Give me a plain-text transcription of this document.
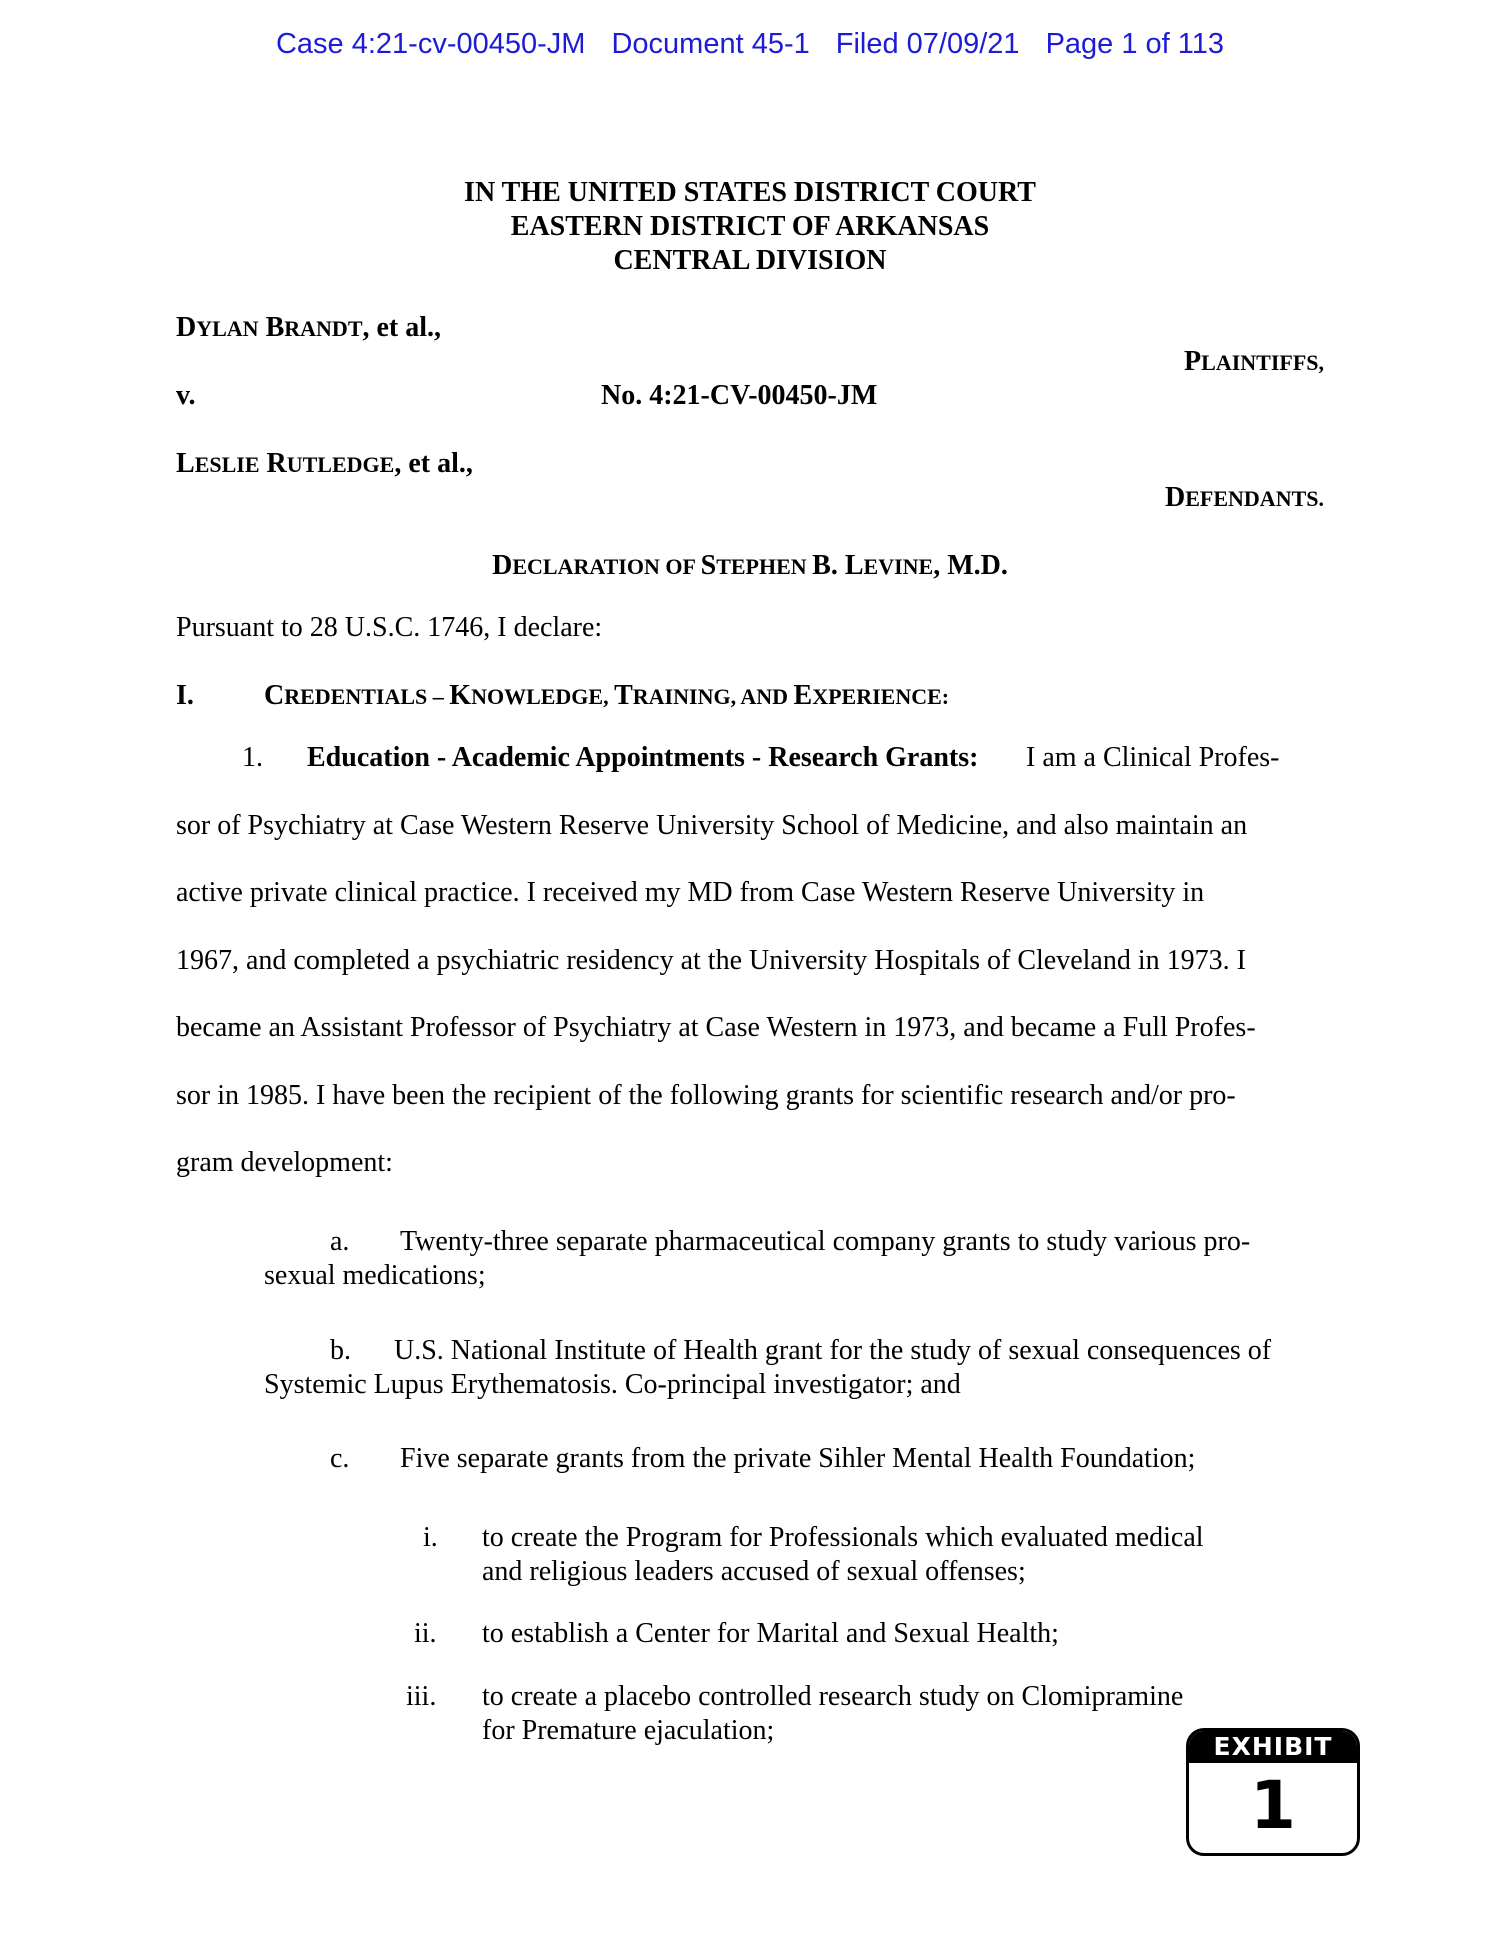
Case 4:21-cv-00450-JM Document 45-1 Filed 07/09/21 Page 1 of 113
IN THE UNITED STATES DISTRICT COURT
EASTERN DISTRICT OF ARKANSAS
CENTRAL DIVISION
DYLAN BRANDT, et al.,
PLAINTIFFS,
v.	No. 4:21-CV-00450-JM
LESLIE RUTLEDGE, et al.,
DEFENDANTS.
DECLARATION OF STEPHEN B. LEVINE, M.D.
Pursuant to 28 U.S.C. 1746, I declare:
I.	CREDENTIALS – KNOWLEDGE, TRAINING, AND EXPERIENCE:
1. Education - Academic Appointments - Research Grants: I am a Clinical Profes-
sor of Psychiatry at Case Western Reserve University School of Medicine, and also maintain an
active private clinical practice. I received my MD from Case Western Reserve University in
1967, and completed a psychiatric residency at the University Hospitals of Cleveland in 1973. I
became an Assistant Professor of Psychiatry at Case Western in 1973, and became a Full Profes-
sor in 1985. I have been the recipient of the following grants for scientific research and/or pro-
gram development:
a. Twenty-three separate pharmaceutical company grants to study various pro-
sexual medications;
b. U.S. National Institute of Health grant for the study of sexual consequences of
Systemic Lupus Erythematosis. Co-principal investigator; and
c. Five separate grants from the private Sihler Mental Health Foundation;
i. to create the Program for Professionals which evaluated medical
and religious leaders accused of sexual offenses;
ii. to establish a Center for Marital and Sexual Health;
iii. to create a placebo controlled research study on Clomipramine
for Premature ejaculation;
EXHIBIT
1
